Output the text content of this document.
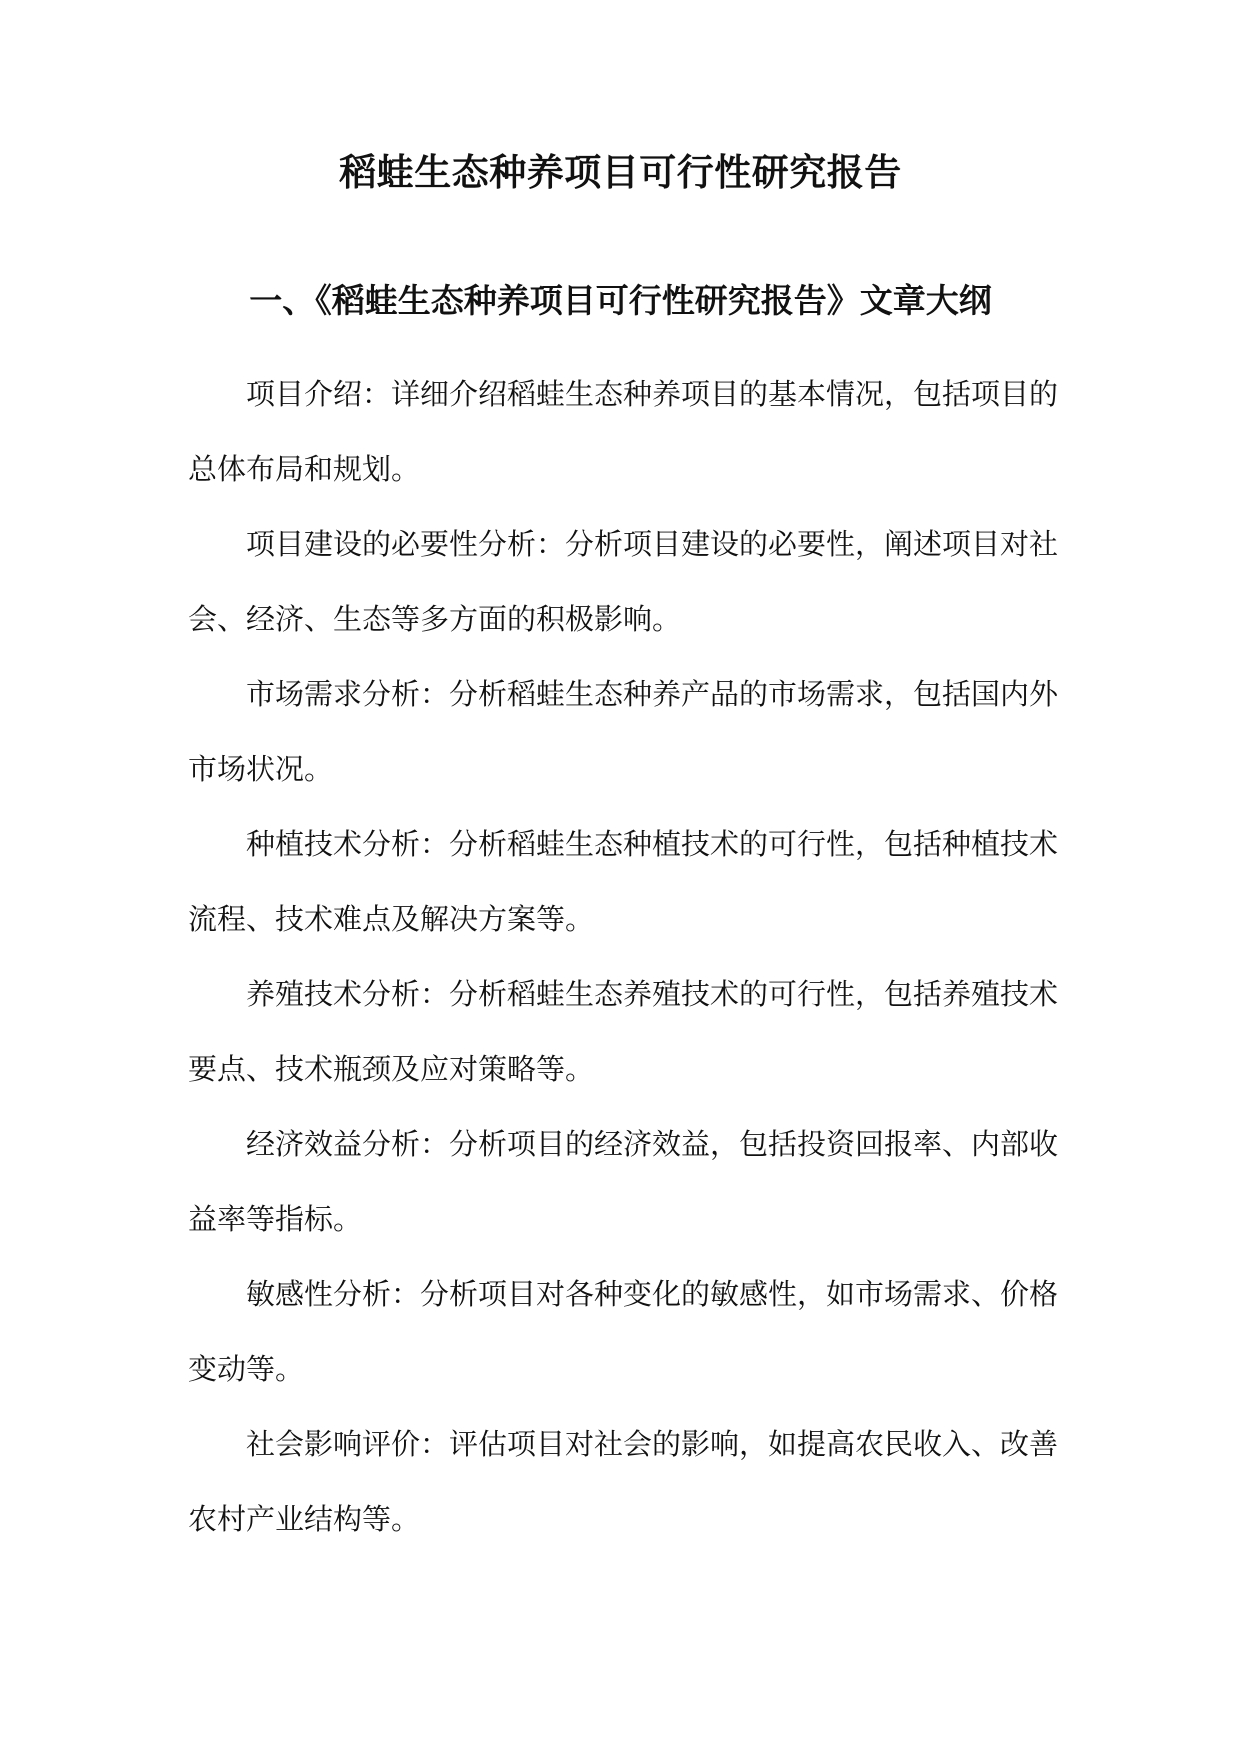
稻蛙生态种养项目可行性研究报告
一、《稻蛙生态种养项目可行性研究报告》文章大纲

项目介绍：详细介绍稻蛙生态种养项目的基本情况，包括项目的总体布局和规划。

项目建设的必要性分析：分析项目建设的必要性，阐述项目对社会、经济、生态等多方面的积极影响。

市场需求分析：分析稻蛙生态种养产品的市场需求，包括国内外市场状况。

种植技术分析：分析稻蛙生态种植技术的可行性，包括种植技术流程、技术难点及解决方案等。

养殖技术分析：分析稻蛙生态养殖技术的可行性，包括养殖技术要点、技术瓶颈及应对策略等。

经济效益分析：分析项目的经济效益，包括投资回报率、内部收益率等指标。

敏感性分析：分析项目对各种变化的敏感性，如市场需求、价格变动等。

社会影响评价：评估项目对社会的影响，如提高农民收入、改善农村产业结构等。
